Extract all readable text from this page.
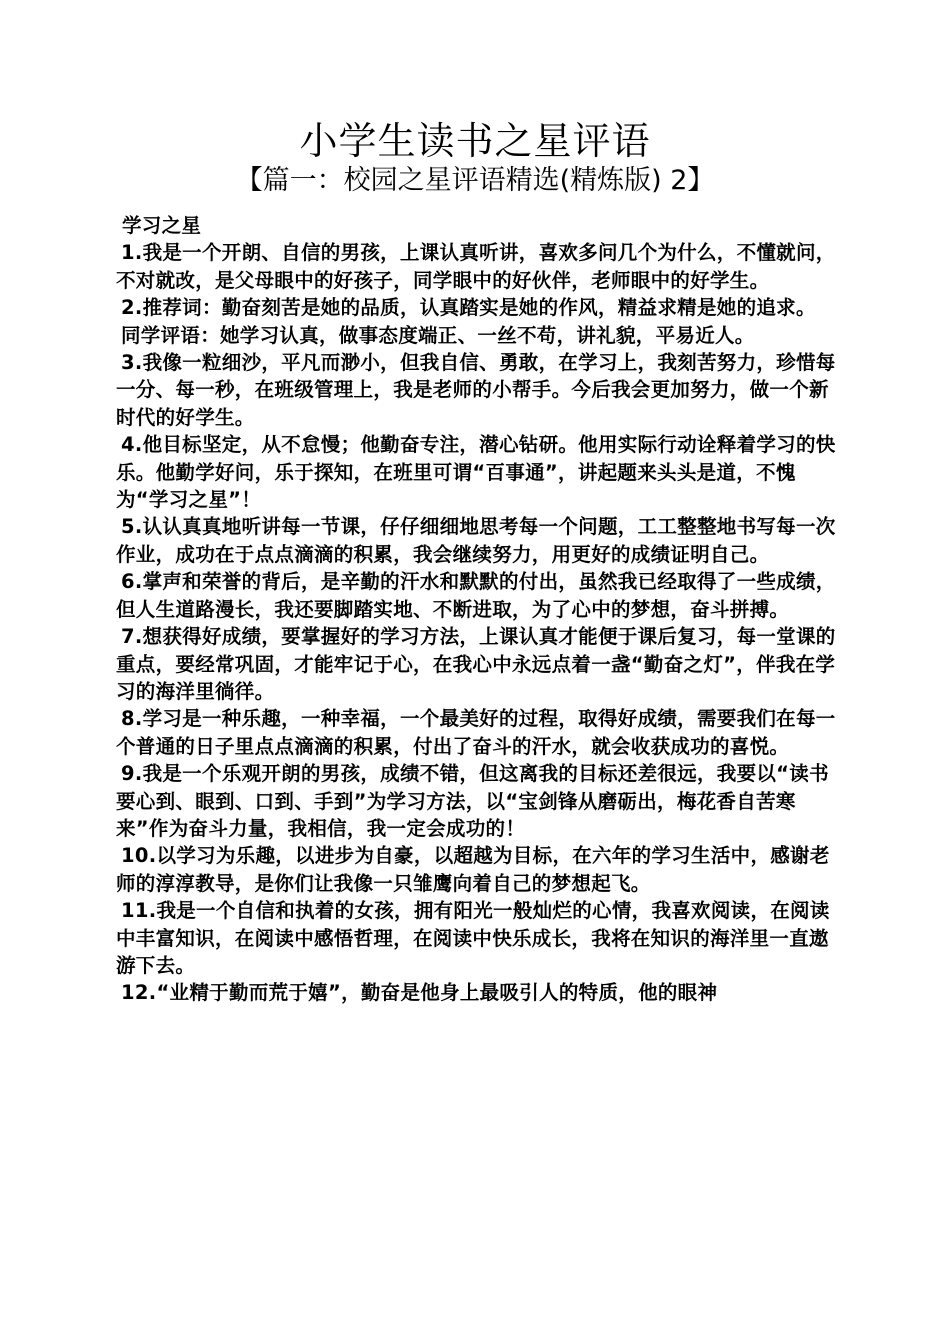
小学生读书之星评语
【篇一：校园之星评语精选(精炼版) 2】

学习之星

1.我是一个开朗、自信的男孩，上课认真听讲，喜欢多问几个为什么，不懂就问，不对就改，是父母眼中的好孩子，同学眼中的好伙伴，老师眼中的好学生。

2.推荐词：勤奋刻苦是她的品质，认真踏实是她的作风，精益求精是她的追求。

同学评语：她学习认真，做事态度端正、一丝不苟，讲礼貌，平易近人。

3.我像一粒细沙，平凡而渺小，但我自信、勇敢，在学习上，我刻苦努力，珍惜每一分、每一秒，在班级管理上，我是老师的小帮手。今后我会更加努力，做一个新时代的好学生。

4.他目标坚定，从不怠慢；他勤奋专注，潜心钻研。他用实际行动诠释着学习的快乐。他勤学好问，乐于探知，在班里可谓“百事通”，讲起题来头头是道，不愧为“学习之星”！

5.认认真真地听讲每一节课，仔仔细细地思考每一个问题，工工整整地书写每一次作业，成功在于点点滴滴的积累，我会继续努力，用更好的成绩证明自己。

6.掌声和荣誉的背后，是辛勤的汗水和默默的付出，虽然我已经取得了一些成绩，但人生道路漫长，我还要脚踏实地、不断进取，为了心中的梦想，奋斗拼搏。

7.想获得好成绩，要掌握好的学习方法，上课认真才能便于课后复习，每一堂课的重点，要经常巩固，才能牢记于心，在我心中永远点着一盏“勤奋之灯”，伴我在学习的海洋里徜徉。

8.学习是一种乐趣，一种幸福，一个最美好的过程，取得好成绩，需要我们在每一个普通的日子里点点滴滴的积累，付出了奋斗的汗水，就会收获成功的喜悦。

9.我是一个乐观开朗的男孩，成绩不错，但这离我的目标还差很远，我要以“读书要心到、眼到、口到、手到”为学习方法，以“宝剑锋从磨砺出，梅花香自苦寒来”作为奋斗力量，我相信，我一定会成功的！

10.以学习为乐趣，以进步为自豪，以超越为目标，在六年的学习生活中，感谢老师的淳淳教导，是你们让我像一只雏鹰向着自己的梦想起飞。

11.我是一个自信和执着的女孩，拥有阳光一般灿烂的心情，我喜欢阅读，在阅读中丰富知识，在阅读中感悟哲理，在阅读中快乐成长，我将在知识的海洋里一直遨游下去。

12.“业精于勤而荒于嬉”，勤奋是他身上最吸引人的特质，他的眼神
